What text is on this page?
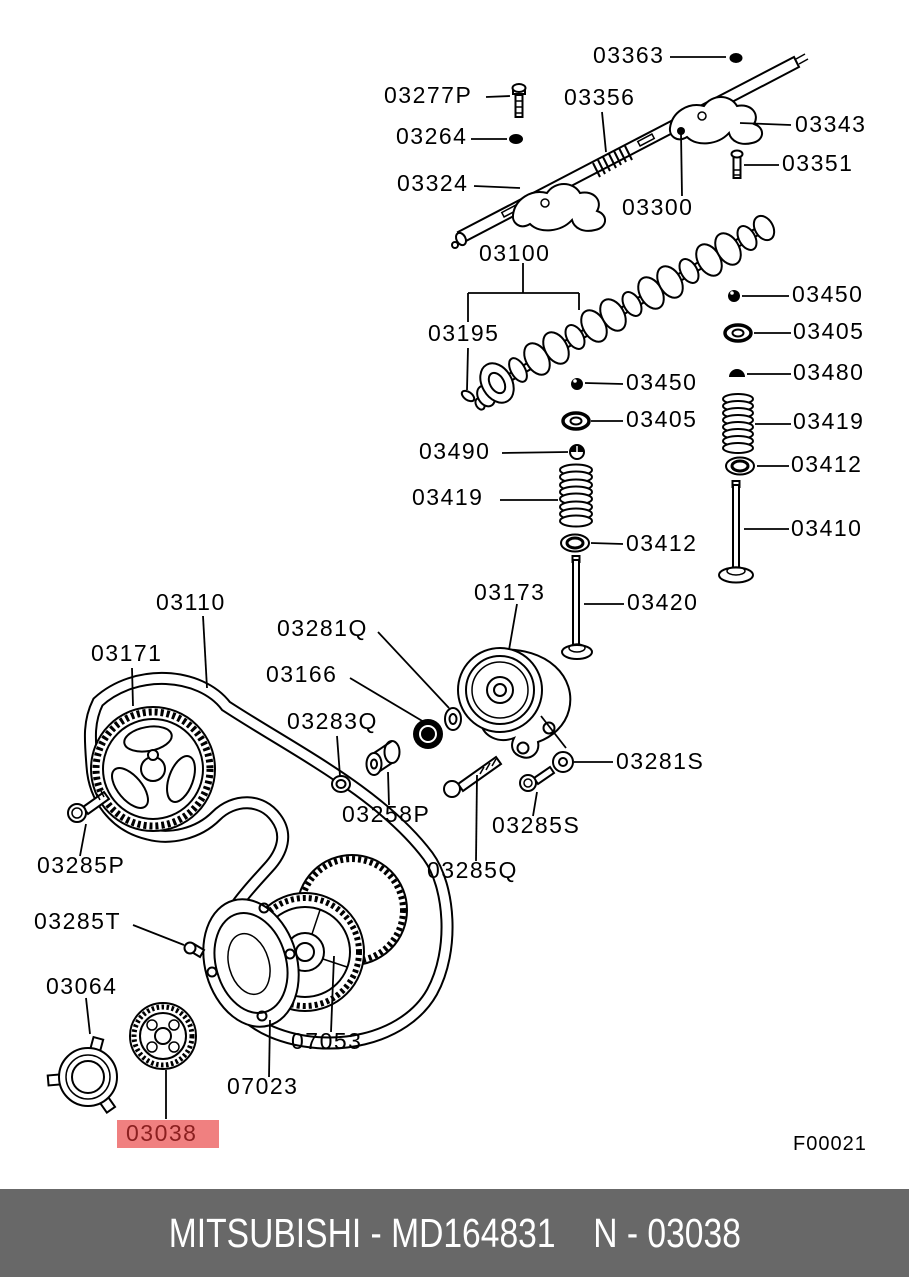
03363
03277P
03264
03356
03343
03351
03324
03300
03100
03195
03450
03405
03480
03450
03419
03405
03490	03412
03419
03410
03412
03173	03420
03110
03171
03281Q
03166
03283Q
03258P
03285P
03281S
03285S
03285Q
03285T
03064
07053
07023
03038	F00021
MITSUBISHI - MD164831 N - 03038
